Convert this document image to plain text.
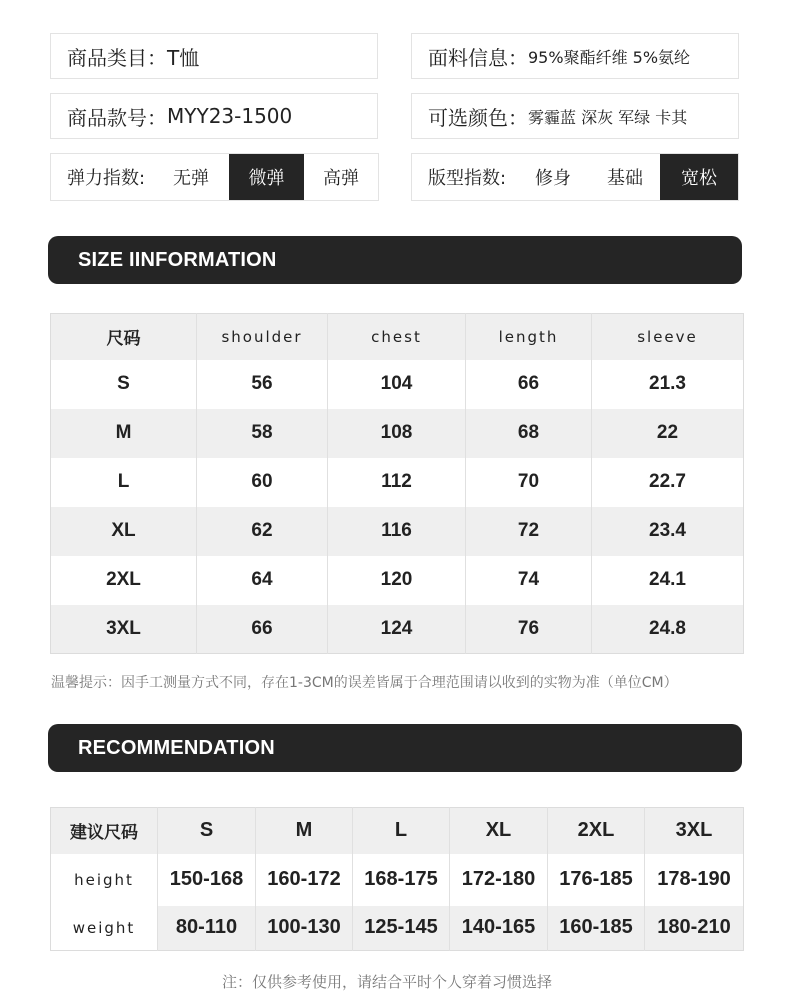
商品类目： T恤	面料信息： 95%聚酯纤维 5%氨纶
商品款号： MYY23-1500	可选颜色： 雾霾蓝 深灰 军绿 卡其
弹力指数:	无弹	微弹	高弹	版型指数:	修身	基础	宽松
SIZE IINFORMATION
尺码	shoulder	chest	length	sleeve
S	56	104	66	21.3
M	58	108	68	22
L	60	112	70	22.7
XL	62	116	72	23.4
2XL	64	120	74	24.1
3XL	66	124	76	24.8
温馨提示：因手工测量方式不同，存在1-3CM的误差皆属于合理范围请以收到的实物为准（单位CM）
RECOMMENDATION
建议尺码	S	M	L	XL	2XL	3XL
height	150-168	160-172	168-175	172-180	176-185	178-190
weight	80-110	100-130	125-145	140-165	160-185	180-210
注：仅供参考使用，请结合平时个人穿着习惯选择
